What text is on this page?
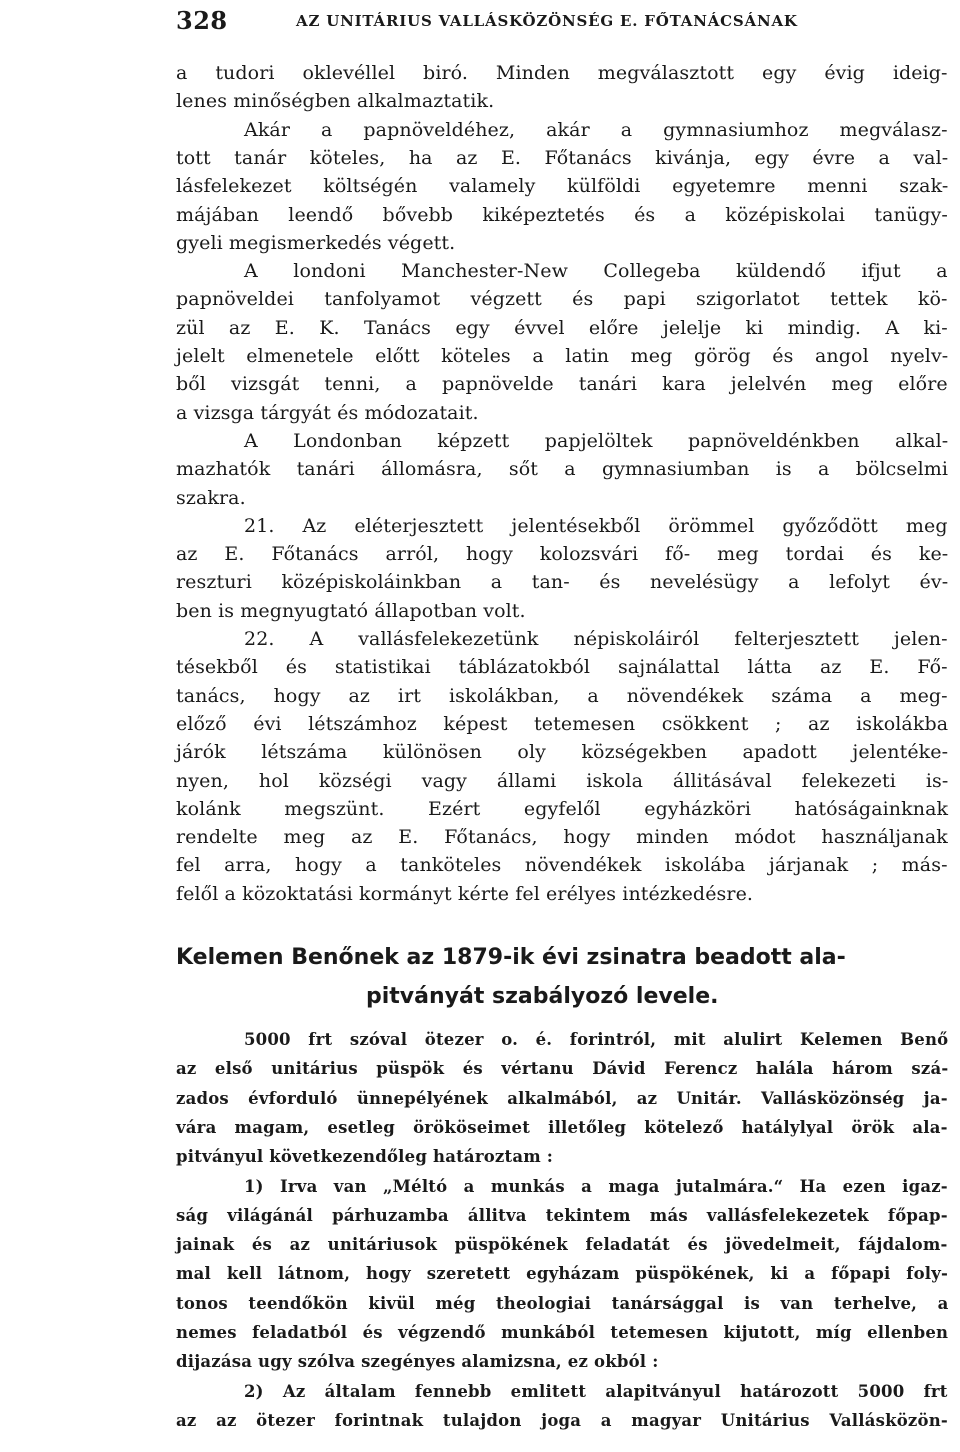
328	AZ UNITÁRIUS VALLÁSKÖZÖNSÉG E. FŐTANÁCSÁNAK
a tudori oklevéllel biró. Minden megválasztott egy évig ideig-
lenes minőségben alkalmaztatik.
Akár a papnöveldéhez, akár a gymnasiumhoz megválasz-
tott tanár köteles, ha az E. Főtanács kivánja, egy évre a val-
lásfelekezet költségén valamely külföldi egyetemre menni szak-
májában leendő bővebb kiképeztetés és a középiskolai tanügy-
gyeli megismerkedés végett.
A londoni Manchester-New Collegeba küldendő ifjut a
papnöveldei tanfolyamot végzett és papi szigorlatot tettek kö-
zül az E. K. Tanács egy évvel előre jelelje ki mindig. A ki-
jelelt elmenetele előtt köteles a latin meg görög és angol nyelv-
ből vizsgát tenni, a papnövelde tanári kara jelelvén meg előre
a vizsga tárgyát és módozatait.
A Londonban képzett papjelöltek papnöveldénkben alkal-
mazhatók tanári állomásra, sőt a gymnasiumban is a bölcselmi
szakra.
21. Az eléterjesztett jelentésekből örömmel győződött meg
az E. Főtanács arról, hogy kolozsvári fő- meg tordai és ke-
reszturi középiskoláinkban a tan- és nevelésügy a lefolyt év-
ben is megnyugtató állapotban volt.
22. A vallásfelekezetünk népiskoláiról felterjesztett jelen-
tésekből és statistikai táblázatokból sajnálattal látta az E. Fő-
tanács, hogy az irt iskolákban, a növendékek száma a meg-
előző évi létszámhoz képest tetemesen csökkent ; az iskolákba
járók létszáma különösen oly községekben apadott jelentéke-
nyen, hol községi vagy állami iskola állitásával felekezeti is-
kolánk megszünt. Ezért egyfelől egyházköri hatóságainknak
rendelte meg az E. Főtanács, hogy minden módot használjanak
fel arra, hogy a tanköteles növendékek iskolába járjanak ; más-
felől a közoktatási kormányt kérte fel erélyes intézkedésre.
Kelemen Benőnek az 1879-ik évi zsinatra beadott ala-
pitványát szabályozó levele.
5000 frt szóval ötezer o. é. forintról, mit alulirt Kelemen Benő
az első unitárius püspök és vértanu Dávid Ferencz halála három szá-
zados évforduló ünnepélyének alkalmából, az Unitár. Vallásközönség ja-
vára magam, esetleg örököseimet illetőleg kötelező hatálylyal örök ala-
pitványul következendőleg határoztam :
1) Irva van „Méltó a munkás a maga jutalmára.“ Ha ezen igaz-
ság világánál párhuzamba állitva tekintem más vallásfelekezetek főpap-
jainak és az unitáriusok püspökének feladatát és jövedelmeit, fájdalom-
mal kell látnom, hogy szeretett egyházam püspökének, ki a főpapi foly-
tonos teendőkön kivül még theologiai tanársággal is van terhelve, a
nemes feladatból és végzendő munkából tetemesen kijutott, míg ellenben
dijazása ugy szólva szegényes alamizsna, ez okból :
2) Az általam fennebb emlitett alapitványul határozott 5000 frt
az az ötezer forintnak tulajdon joga a magyar Unitárius Vallásközön-
